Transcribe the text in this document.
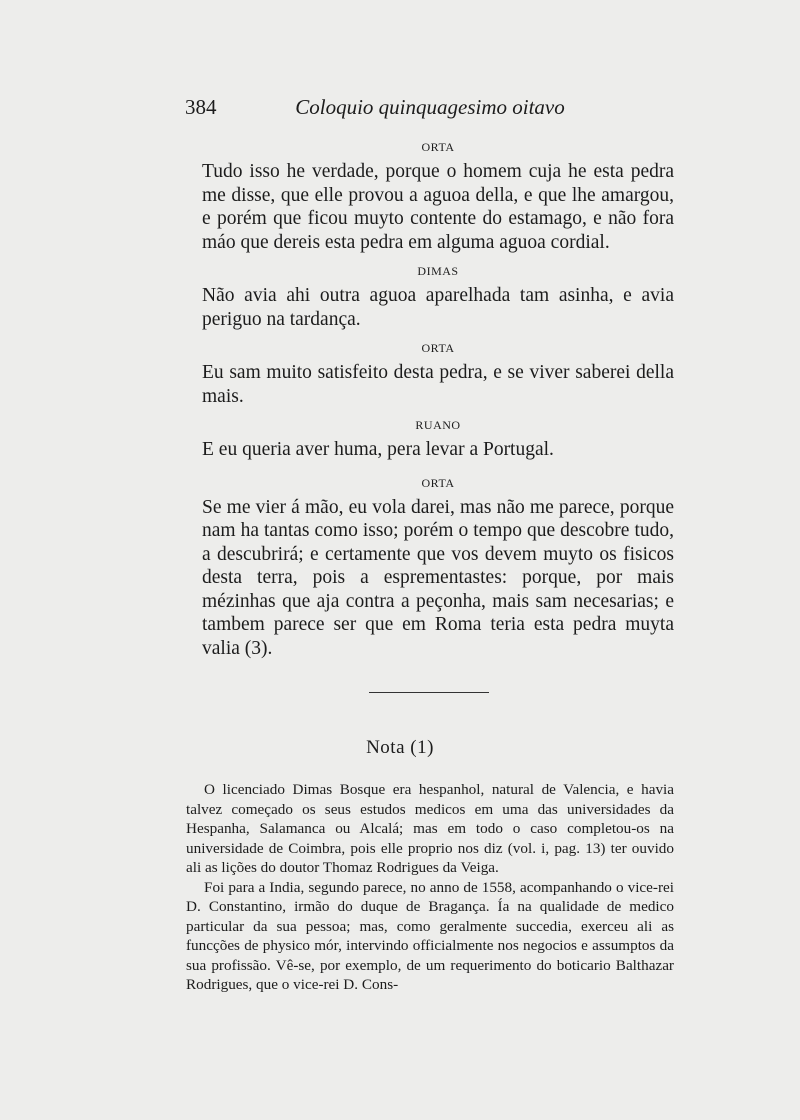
384	Coloquio quinquagesimo oitavo
ORTA

Tudo isso he verdade, porque o homem cuja he esta pedra me disse, que elle provou a aguoa della, e que lhe amargou, e porém que ficou muyto contente do estamago, e não fora máo que dereis esta pedra em alguma aguoa cordial.

DIMAS

Não avia ahi outra aguoa aparelhada tam asinha, e avia periguo na tardança.

ORTA

Eu sam muito satisfeito desta pedra, e se viver saberei della mais.

RUANO

E eu queria aver huma, pera levar a Portugal.

ORTA

Se me vier á mão, eu vola darei, mas não me parece, porque nam ha tantas como isso; porém o tempo que descobre tudo, a descubrirá; e certamente que vos devem muyto os fisicos desta terra, pois a esprementastes: porque, por mais mézinhas que aja contra a peçonha, mais sam necesarias; e tambem parece ser que em Roma teria esta pedra muyta valia (3).

Nota (1)

O licenciado Dimas Bosque era hespanhol, natural de Valencia, e havia talvez começado os seus estudos medicos em uma das universidades da Hespanha, Salamanca ou Alcalá; mas em todo o caso completou-os na universidade de Coimbra, pois elle proprio nos diz (vol. i, pag. 13) ter ouvido ali as lições do doutor Thomaz Rodrigues da Veiga.

Foi para a India, segundo parece, no anno de 1558, acompanhando o vice-rei D. Constantino, irmão do duque de Bragança. Ía na qualidade de medico particular da sua pessoa; mas, como geralmente succedia, exerceu ali as funcções de physico mór, intervindo officialmente nos negocios e assumptos da sua profissão. Vê-se, por exemplo, de um requerimento do boticario Balthazar Rodrigues, que o vice-rei D. Cons-
